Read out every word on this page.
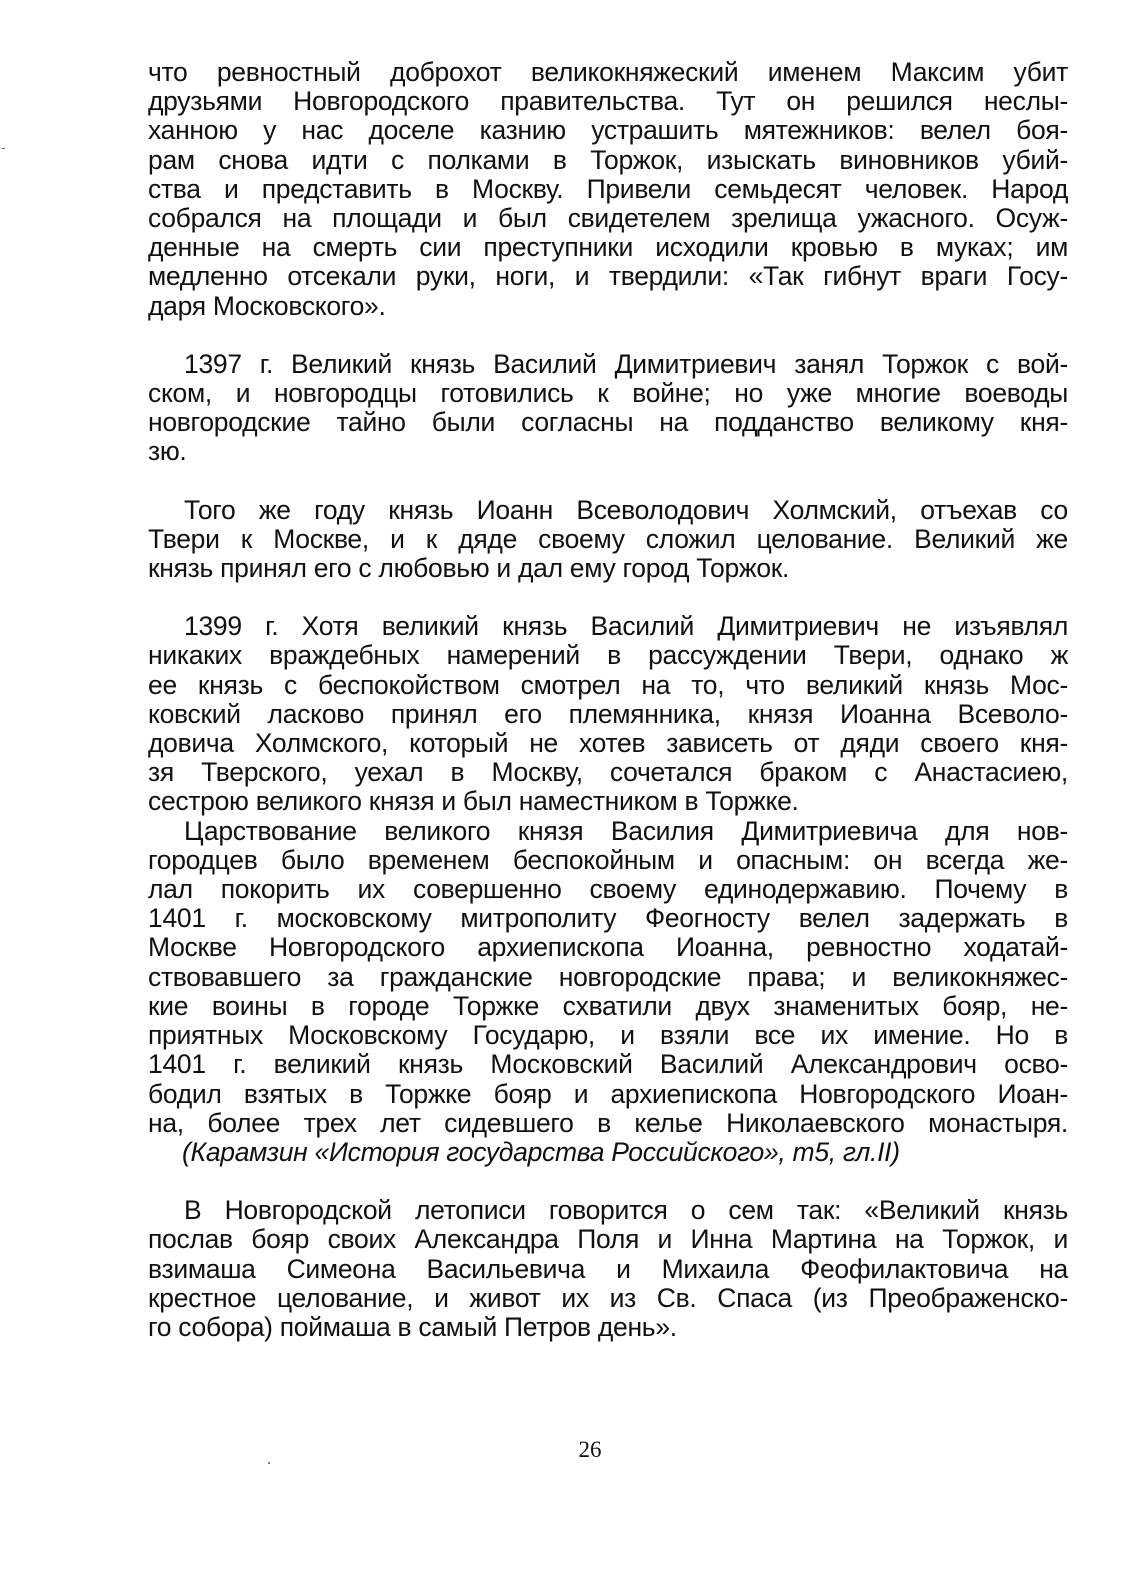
что ревностный доброхот великокняжеский именем Максим убит
друзьями Новгородского правительства. Тут он решился неслы-
ханною у нас доселе казнию устрашить мятежников: велел боя-
рам снова идти с полками в Торжок, изыскать виновников убий-
ства и представить в Москву. Привели семьдесят человек. Народ
собрался на площади и был свидетелем зрелища ужасного. Осуж-
денные на смерть сии преступники исходили кровью в муках; им
медленно отсекали руки, ноги, и твердили: «Так гибнут враги Госу-
даря Московского».
1397 г. Великий князь Василий Димитриевич занял Торжок с вой-
ском, и новгородцы готовились к войне; но уже многие воеводы
новгородские тайно были согласны на подданство великому кня-
зю.
Того же году князь Иоанн Всеволодович Холмский, отъехав со
Твери к Москве, и к дяде своему сложил целование. Великий же
князь принял его с любовью и дал ему город Торжок.
1399 г. Хотя великий князь Василий Димитриевич не изъявлял
никаких враждебных намерений в рассуждении Твери, однако ж
ее князь с беспокойством смотрел на то, что великий князь Мос-
ковский ласково принял его племянника, князя Иоанна Всеволо-
довича Холмского, который не хотев зависеть от дяди своего кня-
зя Тверского, уехал в Москву, сочетался браком с Анастасиею,
сестрою великого князя и был наместником в Торжке.
Царствование великого князя Василия Димитриевича для нов-
городцев было временем беспокойным и опасным: он всегда же-
лал покорить их совершенно своему единодержавию. Почему в
1401 г. московскому митрополиту Феогносту велел задержать в
Москве Новгородского архиепископа Иоанна, ревностно ходатай-
ствовавшего за гражданские новгородские права; и великокняжес-
кие воины в городе Торжке схватили двух знаменитых бояр, не-
приятных Московскому Государю, и взяли все их имение. Но в
1401 г. великий князь Московский Василий Александрович осво-
бодил взятых в Торжке бояр и архиепископа Новгородского Иоан-
на, более трех лет сидевшего в келье Николаевского монастыря.

(Карамзин «История государства Российского», т5, гл.II)

В Новгородской летописи говорится о сем так: «Великий князь
послав бояр своих Александра Поля и Инна Мартина на Торжок, и
взимаша Симеона Васильевича и Михаила Феофилактовича на
крестное целование, и живот их из Св. Спаса (из Преображенско-
го собора) поймаша в самый Петров день».
26
